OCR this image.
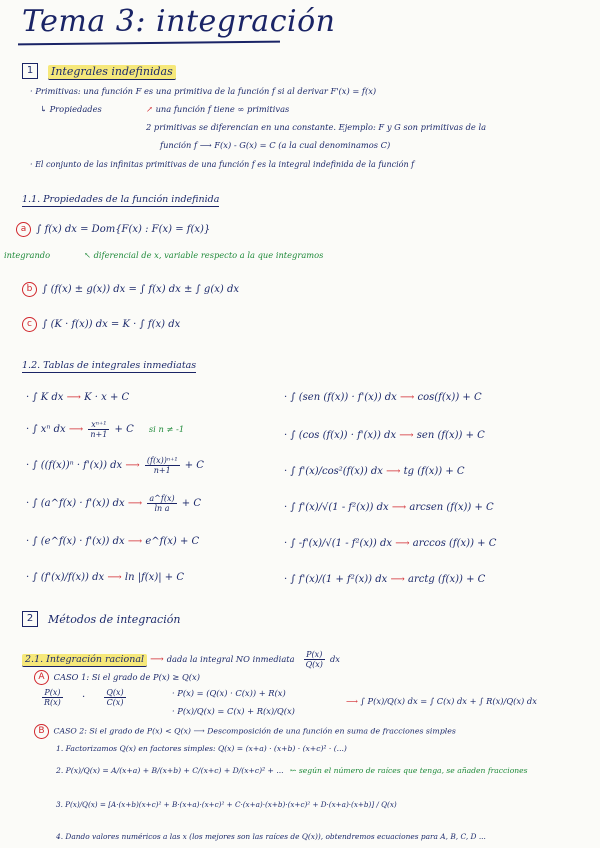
Tema 3: integración
1	Integrales indefinidas
· Primitivas: una función F es una primitiva de la función f si al derivar F'(x) = f(x)
↳ Propiedades	↗ una función f tiene ∞ primitivas
2 primitivas se diferencian en una constante. Ejemplo: F y G son primitivas de la
función f ⟶ F(x) - G(x) = C (a la cual denominamos C)
· El conjunto de las infinitas primitivas de una función f es la integral indefinida de la función f
1.1. Propiedades de la función indefinida
a ∫ f(x) dx = Dom{F(x) : F(x) = f(x)}
integrando	↖ diferencial de x, variable respecto a la que integramos
b ∫ (f(x) ± g(x)) dx = ∫ f(x) dx ± ∫ g(x) dx
c ∫ (K · f(x)) dx = K · ∫ f(x) dx
1.2. Tablas de integrales inmediatas
· ∫ K dx ⟶ K · x + C
· ∫ xⁿ dx ⟶ $\frac{\text{xⁿ⁺¹}}{n+1} + C$ si n ≠ -1
· ∫ ((f(x))ⁿ · f'(x)) dx ⟶ $\frac{\text{(f(x))ⁿ⁺¹}}{n+1} + C$
· ∫ (a^f(x) · f'(x)) dx ⟶ $\frac{a\^{}f(x)}{\text{ln a}} + C$
· ∫ (e^f(x) · f'(x)) dx ⟶ e^f(x) + C
· ∫ (f'(x)/f(x)) dx ⟶ ln |f(x)| + C
· ∫ (sen (f(x)) · f'(x)) dx ⟶ cos(f(x)) + C
· ∫ (cos (f(x)) · f'(x)) dx ⟶ sen (f(x)) + C
· ∫ f'(x)/cos²(f(x)) dx ⟶ tg (f(x)) + C
· ∫ f'(x)/√(1 - f²(x)) dx ⟶ arcsen (f(x)) + C
· ∫ -f'(x)/√(1 - f²(x)) dx ⟶ arccos (f(x)) + C
· ∫ f'(x)/(1 + f²(x)) dx ⟶ arctg (f(x)) + C
2	Métodos de integración
2.1. Integración racional ⟶ dada la integral NO inmediata $\frac{P(x)}{Q(x)}$ dx
A CASO 1: Si el grado de P(x) ≥ Q(x)
$\frac{P(x)}{R(x)} \cdot \frac{Q(x)}{C(x)}$	· P(x) = (Q(x) · C(x)) + R(x)
· P(x)/Q(x) = C(x) + R(x)/Q(x)
⟶ ∫ P(x)/Q(x) dx = ∫ C(x) dx + ∫ R(x)/Q(x) dx
B CASO 2: Si el grado de P(x) < Q(x) ⟶ Descomposición de una función en suma de fracciones simples
1. Factorizamos Q(x) en factores simples: Q(x) = (x+a) · (x+b) · (x+c)² · (...)
2. P(x)/Q(x) = A/(x+a) + B/(x+b) + C/(x+c) + D/(x+c)² + ... ↜ según el número de raíces que tenga, se añaden fracciones
3. P(x)/Q(x) = [A·(x+b)(x+c)² + B·(x+a)·(x+c)² + C·(x+a)·(x+b)·(x+c)² + D·(x+a)·(x+b)] / Q(x)
4. Dando valores numéricos a las x (los mejores son las raíces de Q(x)), obtendremos ecuaciones para A, B, C, D ...
